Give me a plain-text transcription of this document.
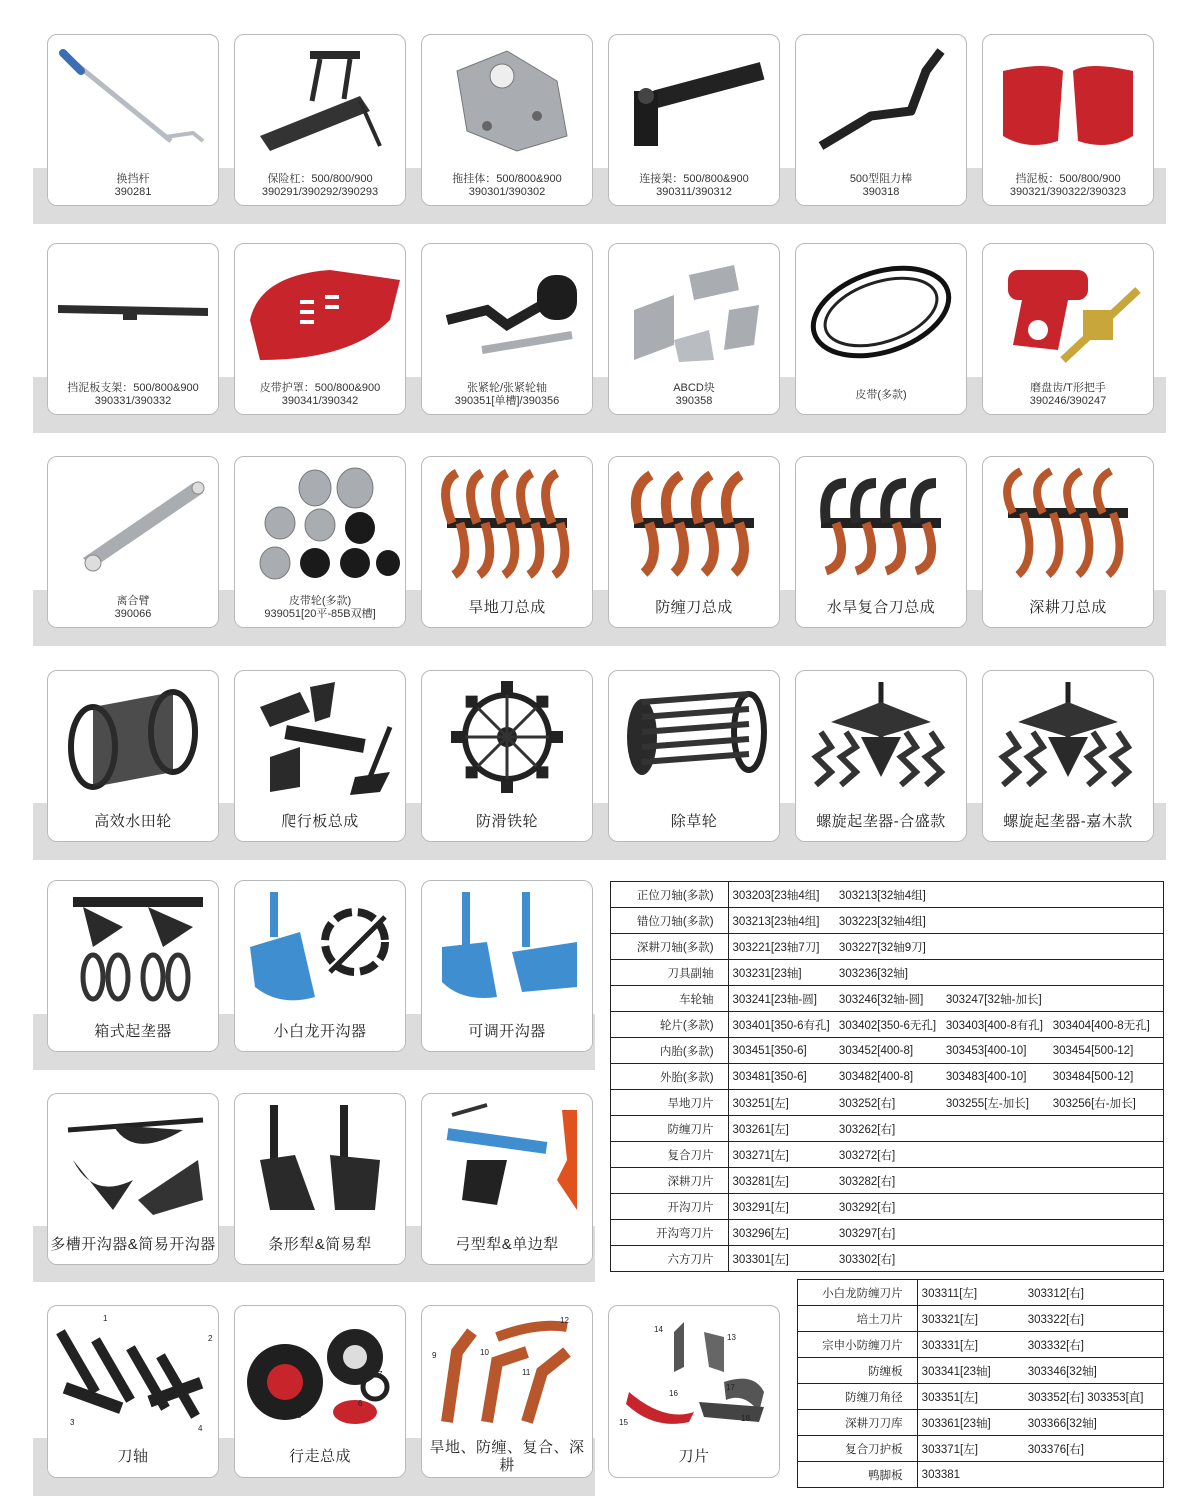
换挡杆
390281
保险杠：500/800/900
390291/390292/390293
拖挂体：500/800&900
390301/390302
连接架：500/800&900
390311/390312
500型阻力棒
390318
挡泥板：500/800/900
390321/390322/390323
挡泥板支架：500/800&900
390331/390332
皮带护罩：500/800&900
390341/390342
张紧轮/张紧轮轴
390351[单槽]/390356
ABCD块
390358
皮带(多款)
磨盘齿/T形把手
390246/390247
离合臂
390066
皮带轮(多款)
939051[20平-85B双槽]	旱地刀总成	防缠刀总成	水旱复合刀总成	深耕刀总成
高效水田轮	爬行板总成	防滑铁轮	除草轮	螺旋起垄器-合盛款	螺旋起垄器-嘉木款
箱式起垄器	小白龙开沟器	可调开沟器
多槽开沟器&简易开沟器	条形犁&简易犁	弓型犁&单边犁
刀轴
1
2
3
4
行走总成
5
6
7
8
旱地、防缠、复合、深耕
9	10
11
12
刀片
13
14
15
16
17
18
正位刀轴(多款)	303203[23轴4组]	303213[32轴4组]		
错位刀轴(多款)	303213[23轴4组]	303223[32轴4组]		
深耕刀轴(多款)	303221[23轴7刀]	303227[32轴9刀]		
刀具副轴	303231[23轴]	303236[32轴]		
车轮轴	303241[23轴-圆]	303246[32轴-圆]	303247[32轴-加长]	
轮片(多款)	303401[350-6有孔]	303402[350-6无孔]	303403[400-8有孔]	303404[400-8无孔]
内胎(多款)	303451[350-6]	303452[400-8]	303453[400-10]	303454[500-12]
外胎(多款)	303481[350-6]	303482[400-8]	303483[400-10]	303484[500-12]
旱地刀片	303251[左]	303252[右]	303255[左-加长]	303256[右-加长]
防缠刀片	303261[左]	303262[右]		
复合刀片	303271[左]	303272[右]		
深耕刀片	303281[左]	303282[右]		
开沟刀片	303291[左]	303292[右]		
开沟弯刀片	303296[左]	303297[右]		
六方刀片	303301[左]	303302[右]		
小白龙防缠刀片	303311[左]	303312[右]
培土刀片	303321[左]	303322[右]
宗申小防缠刀片	303331[左]	303332[右]
防缠板	303341[23轴]	303346[32轴]
防缠刀角径	303351[左]	303352[右] 303353[直]
深耕刀刀库	303361[23轴]	303366[32轴]
复合刀护板	303371[左]	303376[右]
鸭脚板	303381	
